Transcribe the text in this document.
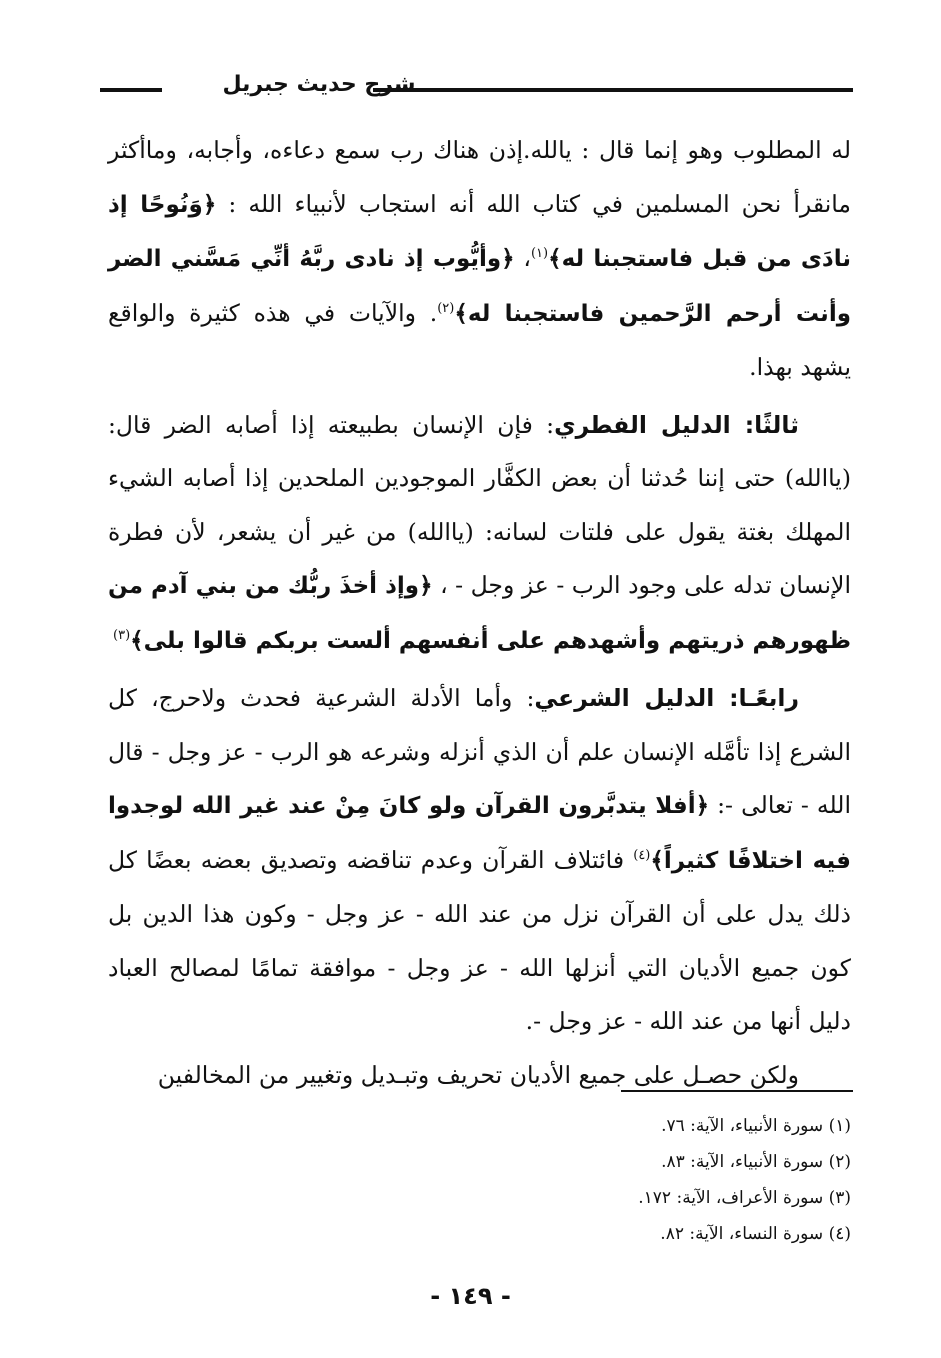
شرح حديث جبريل

له المطلوب وهو إنما قال : يالله.إذن هناك رب سمع دعاءه، وأجابه، وماأكثر مانقرأ نحن المسلمين في كتاب الله أنه استجاب لأنبياء الله : ﴿وَنُوحًا إذ نادَى من قبل فاستجبنا له﴾$^{(١)}$، ﴿وأيُّوب إذ نادى ربَّهُ أنِّي مَسَّني الضر وأنت أرحم الرَّحمين فاستجبنا له﴾$^{(٢)}$. والآيات في هذه كثيرة والواقع يشهد بهذا.

ثالثًا: الدليل الفطري: فإن الإنسان بطبيعته إذا أصابه الضر قال: (ياالله) حتى إننا حُدثنا أن بعض الكفَّار الموجودين الملحدين إذا أصابه الشيء المهلك بغتة يقول على فلتات لسانه: (ياالله) من غير أن يشعر، لأن فطرة الإنسان تدله على وجود الرب - عز وجل - ، ﴿وإذ أخذَ ربُّك من بني آدم من ظهورهم ذريتهم وأشهدهم على أنفسهم ألست بربكم قالوا بلى﴾$^{(٣)}$

رابعًـا: الدليل الشرعي: وأما الأدلة الشرعية فحدث ولاحرج، كل الشرع إذا تأمَّله الإنسان علم أن الذي أنزله وشرعه هو الرب - عز وجل - قال الله - تعالى -: ﴿أفلا يتدبَّرون القرآن ولو كانَ مِنْ عند غير الله لوجدوا فيه اختلافًا كثيراً﴾$^{(٤)}$ فائتلاف القرآن وعدم تناقضه وتصديق بعضه بعضًا كل ذلك يدل على أن القرآن نزل من عند الله - عز وجل - وكون هذا الدين بل كون جميع الأديان التي أنزلها الله - عز وجل - موافقة تمامًا لمصالح العباد دليل أنها من عند الله - عز وجل -.

ولكن حصـل على جميع الأديان تحريف وتبـديل وتغيير من المخالفين

(١) سورة الأنبياء، الآية: ٧٦.
(٢) سورة الأنبياء، الآية: ٨٣.
(٣) سورة الأعراف، الآية: ١٧٢.
(٤) سورة النساء، الآية: ٨٢.
- ١٤٩ -
